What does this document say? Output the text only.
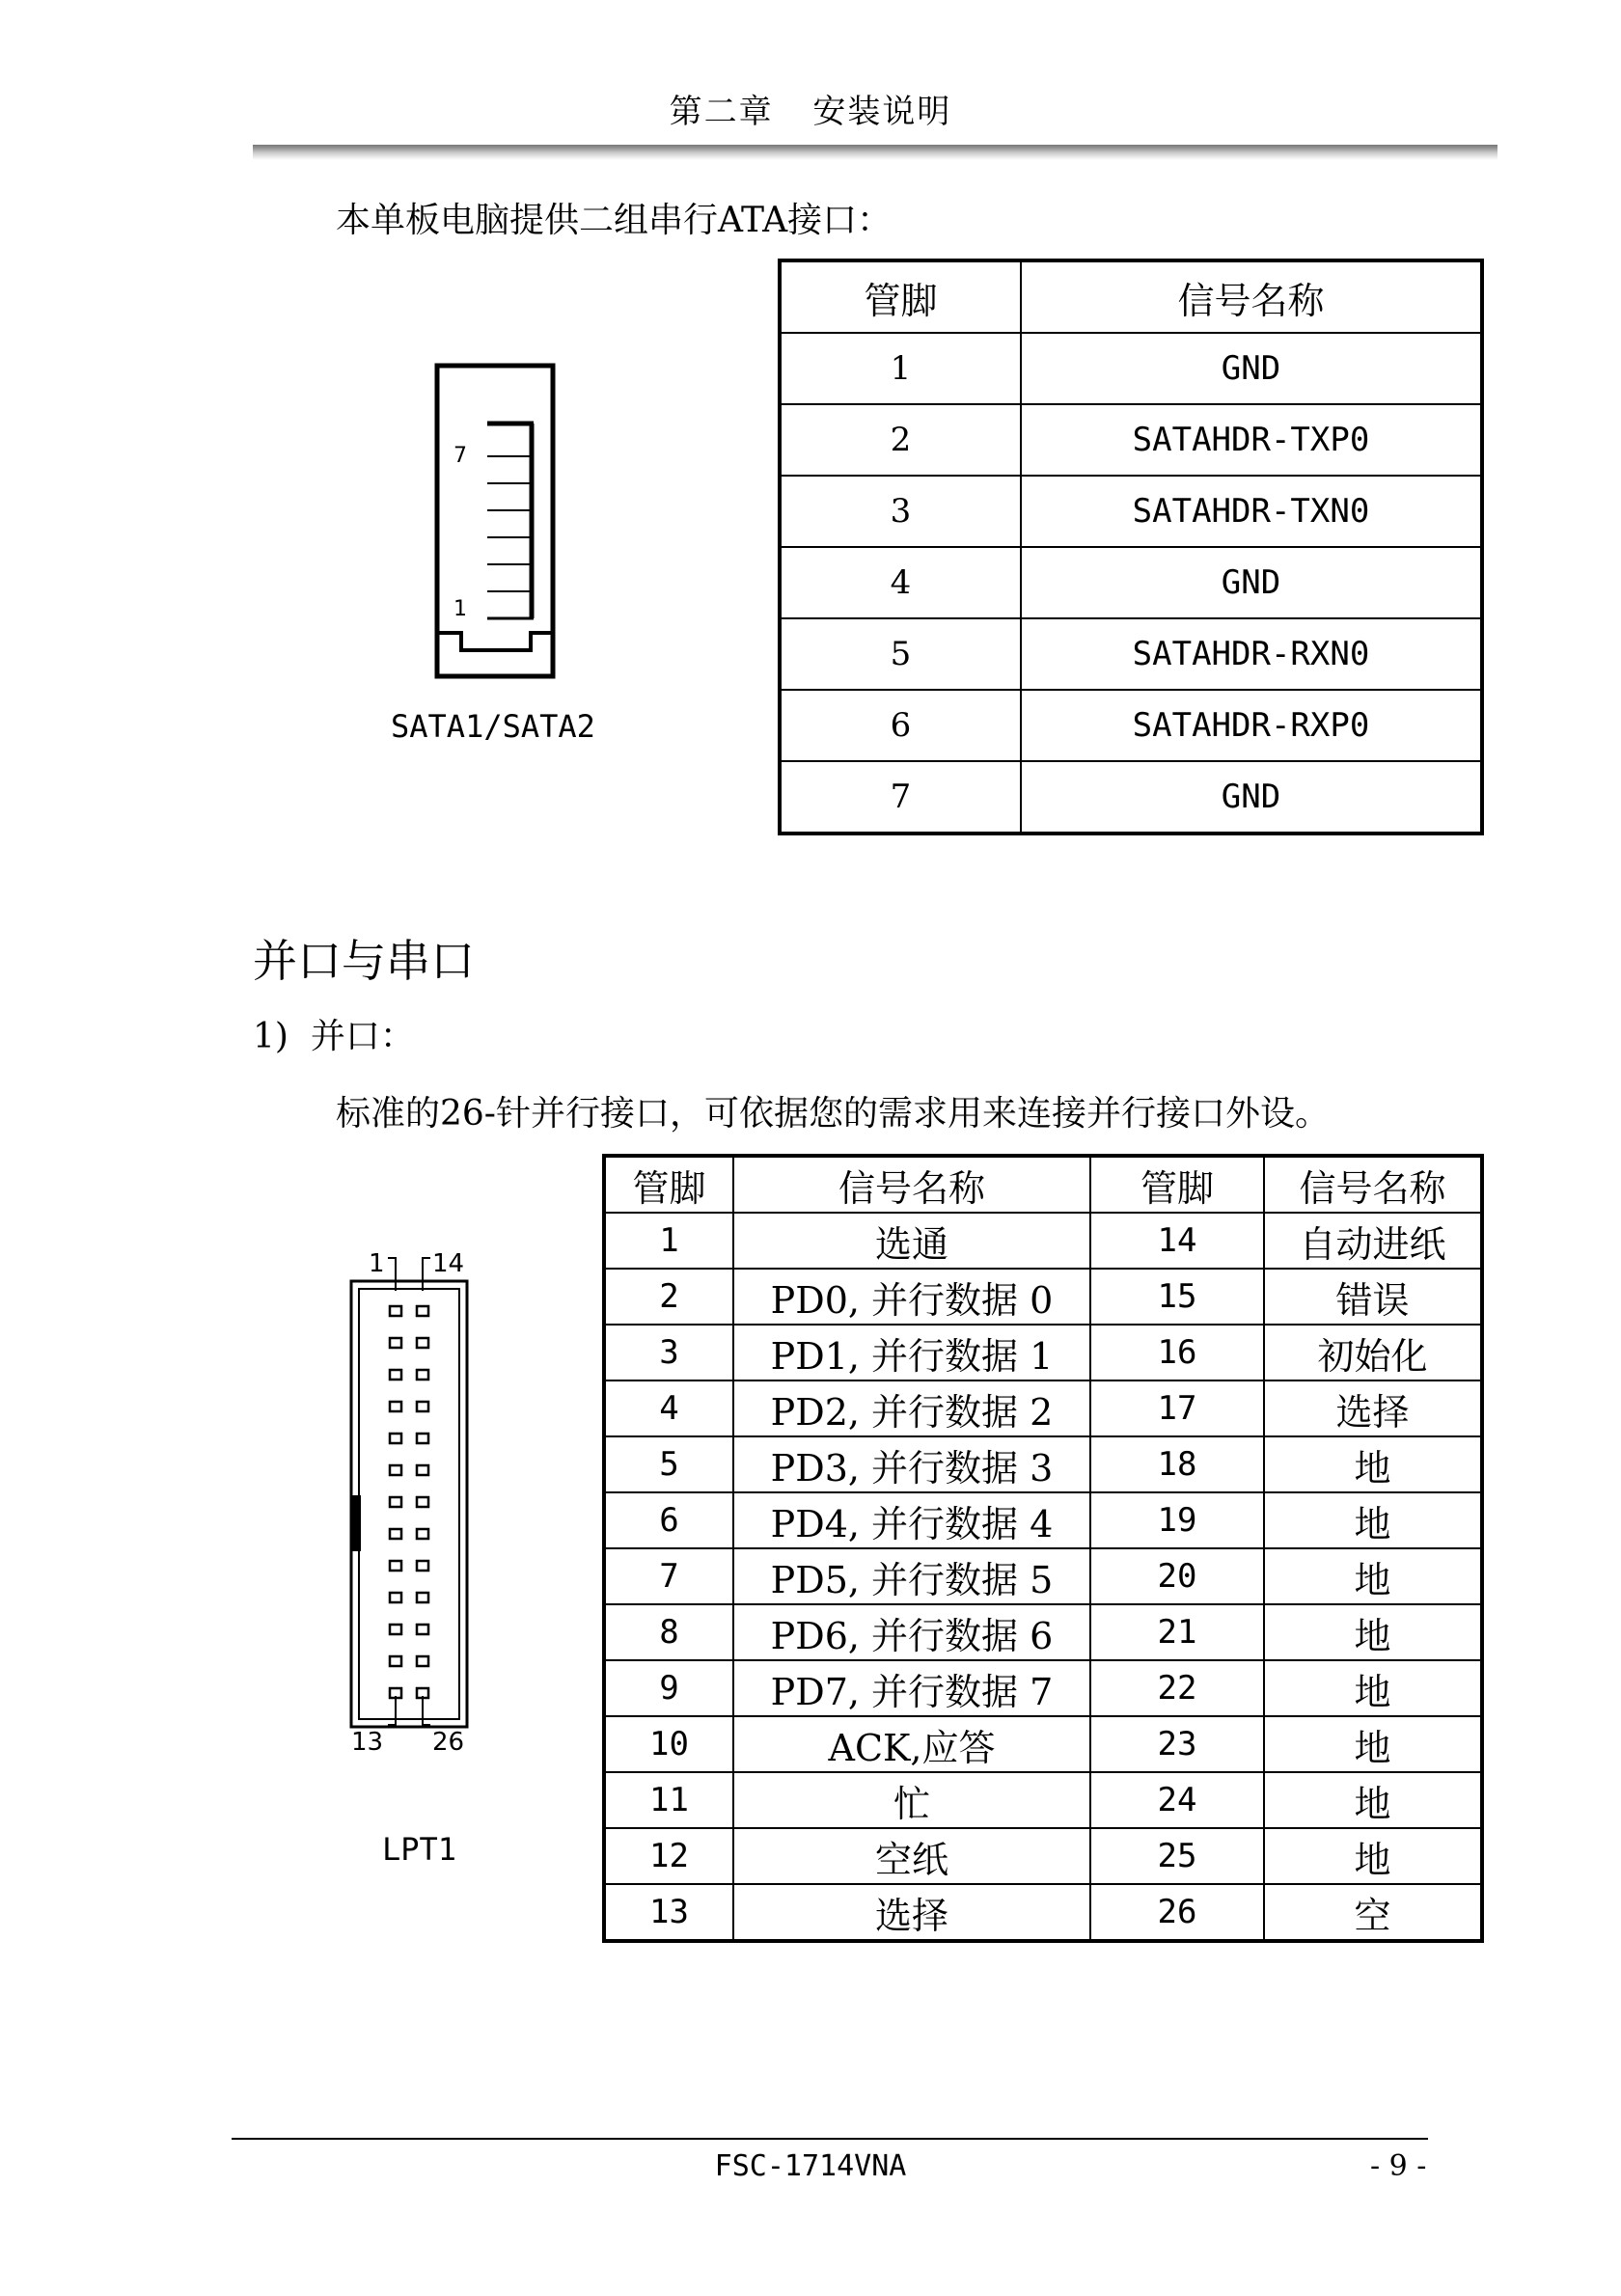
第二章 安装说明
本单板电脑提供二组串行ATA接口：
7
1
SATA1/SATA2
管脚	信号名称
1	GND
2	SATAHDR-TXP0
3	SATAHDR-TXN0
4	GND
5	SATAHDR-RXN0
6	SATAHDR-RXP0
7	GND
并口与串口
1)  并口：
标准的26-针并行接口，可依据您的需求用来连接并行接口外设。
1 14
13 26
LPT1
管脚	信号名称	管脚	信号名称
1	选通	14	自动进纸
2	PD0, 并行数据 0	15	错误
3	PD1, 并行数据 1	16	初始化
4	PD2, 并行数据 2	17	选择
5	PD3, 并行数据 3	18	地
6	PD4, 并行数据 4	19	地
7	PD5, 并行数据 5	20	地
8	PD6, 并行数据 6	21	地
9	PD7, 并行数据 7	22	地
10	ACK,应答	23	地
11	忙	24	地
12	空纸	25	地
13	选择	26	空
FSC-1714VNA	- 9 -
